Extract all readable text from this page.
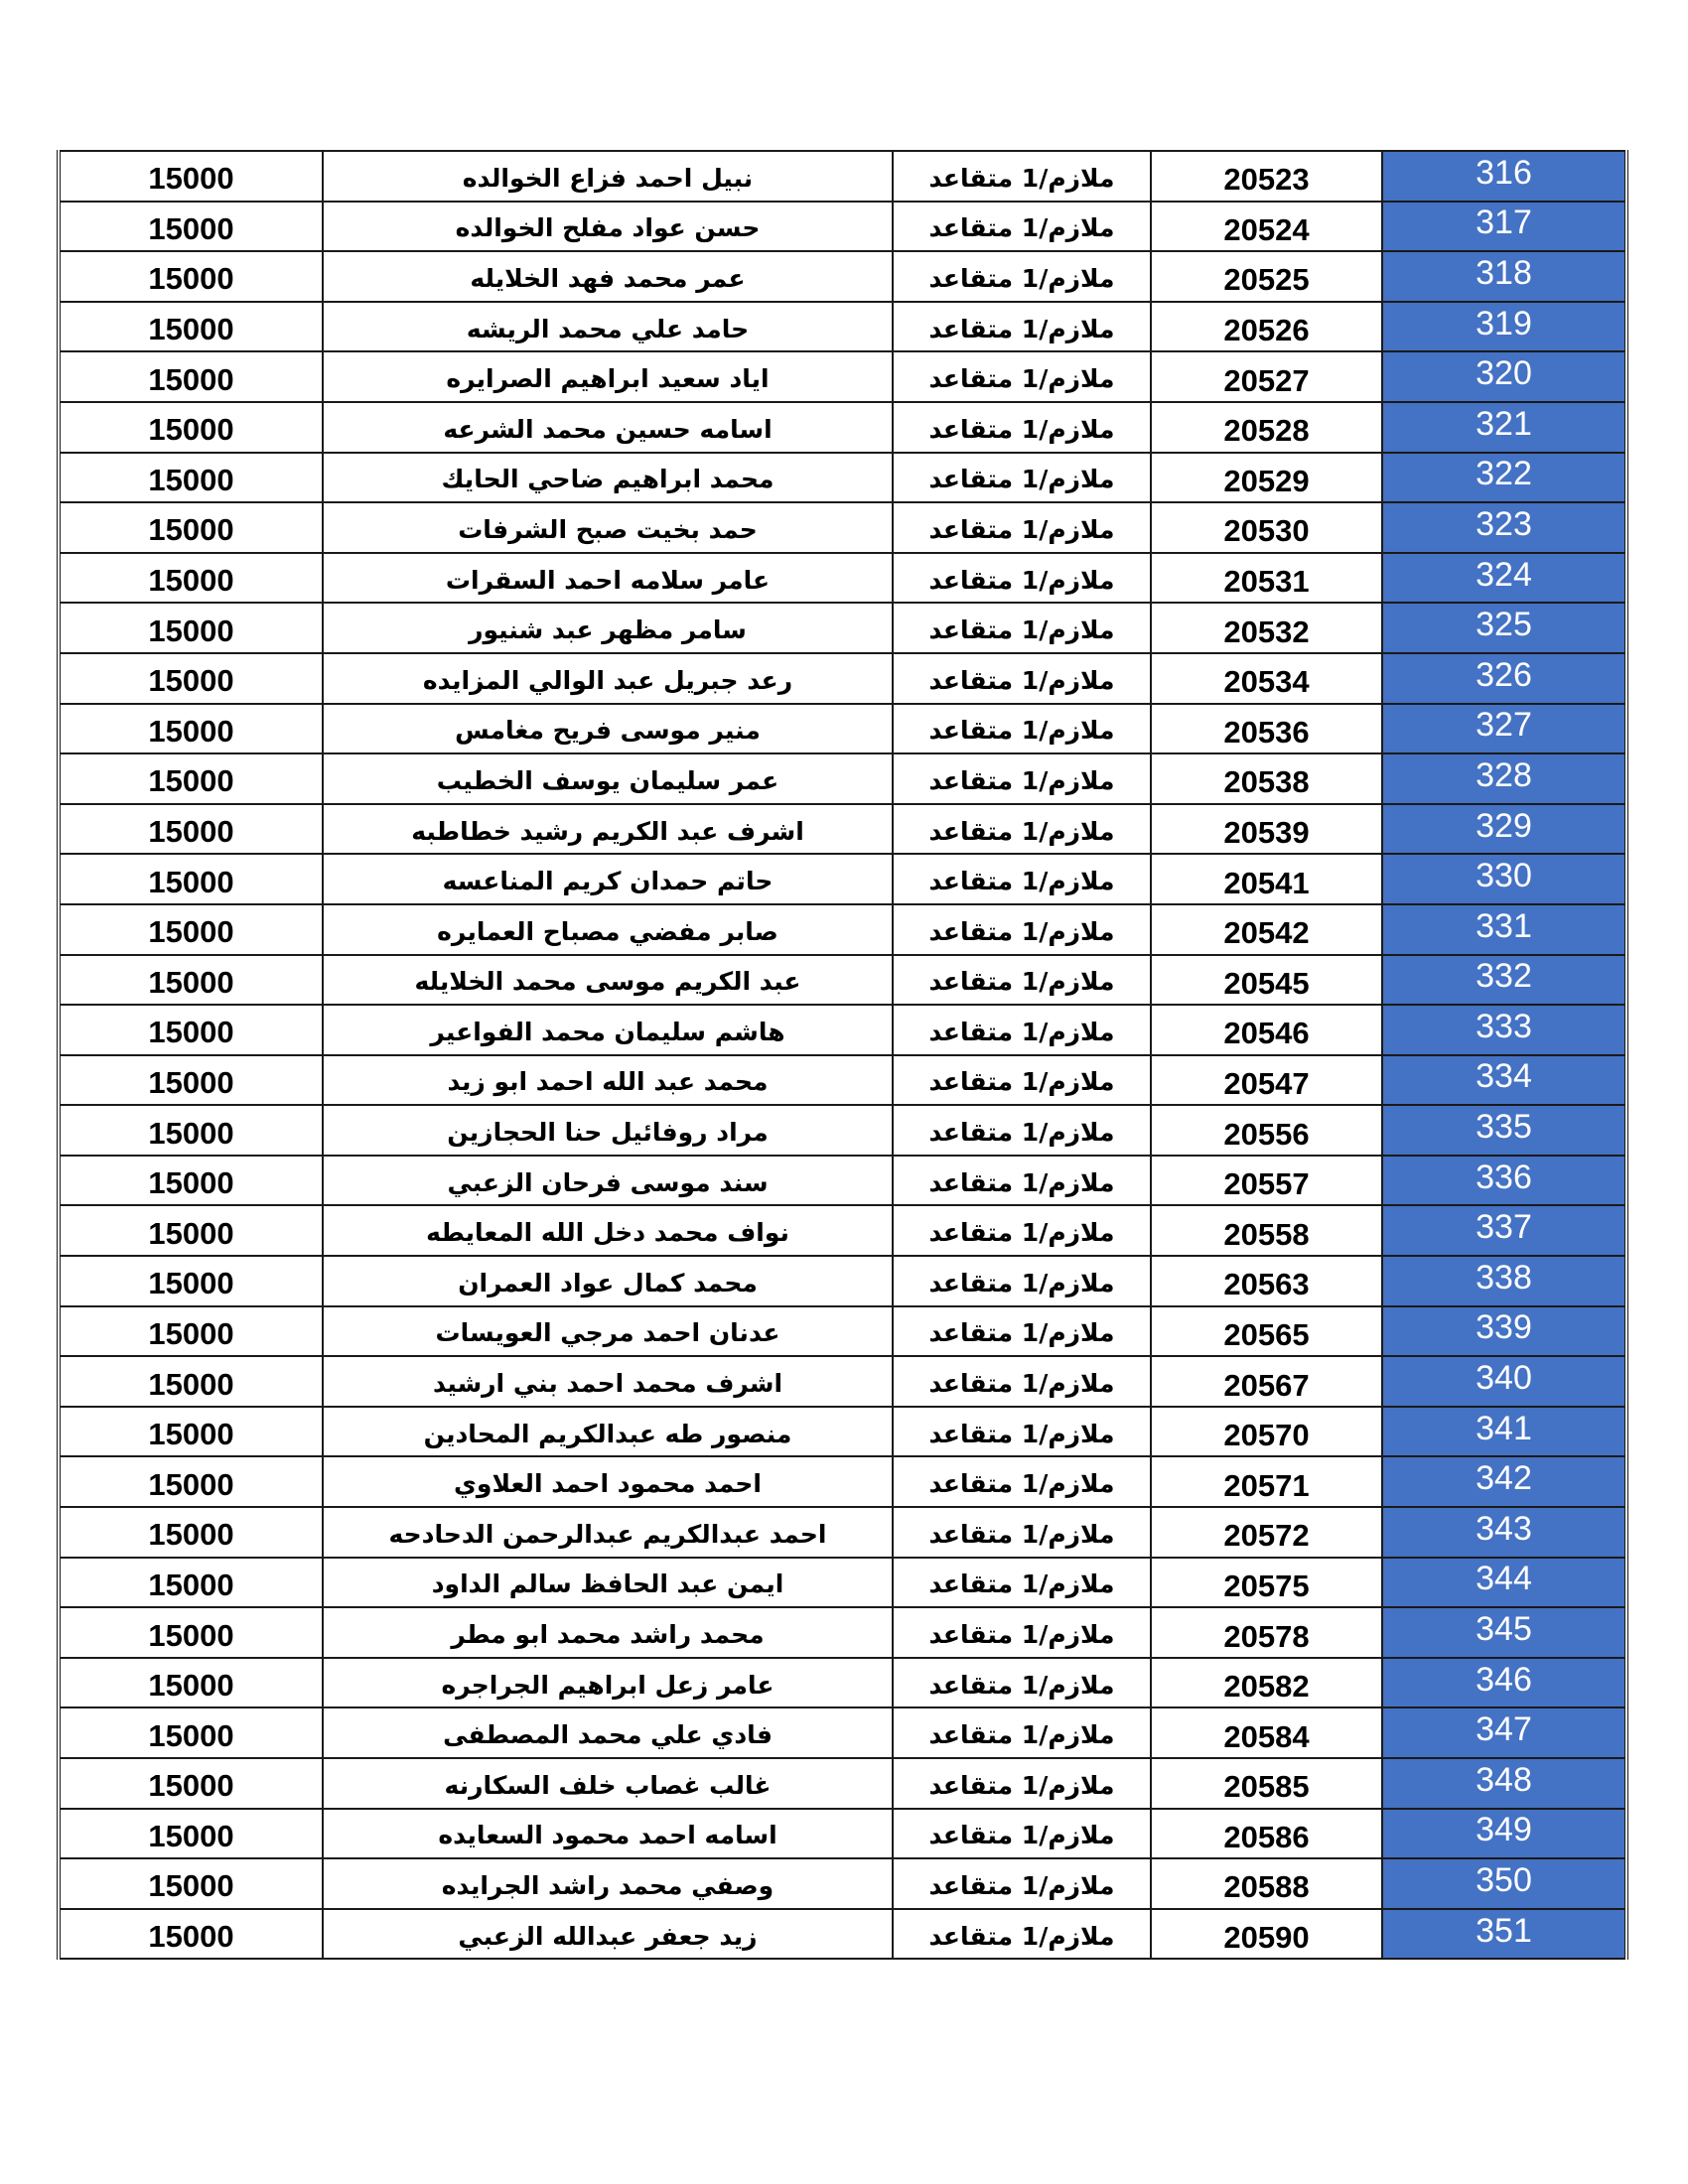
15000	نبيل احمد فزاع الخوالده	ملازم/1 متقاعد	20523	316
15000	حسن عواد مفلح الخوالده	ملازم/1 متقاعد	20524	317
15000	عمر محمد فهد الخلايله	ملازم/1 متقاعد	20525	318
15000	حامد علي محمد الريشه	ملازم/1 متقاعد	20526	319
15000	اياد سعيد ابراهيم الصرايره	ملازم/1 متقاعد	20527	320
15000	اسامه حسين محمد الشرعه	ملازم/1 متقاعد	20528	321
15000	محمد ابراهيم ضاحي الحايك	ملازم/1 متقاعد	20529	322
15000	حمد بخيت صبح الشرفات	ملازم/1 متقاعد	20530	323
15000	عامر سلامه احمد السقرات	ملازم/1 متقاعد	20531	324
15000	سامر مظهر عبد شنيور	ملازم/1 متقاعد	20532	325
15000	رعد جبريل عبد الوالي المزايده	ملازم/1 متقاعد	20534	326
15000	منير موسى فريح مغامس	ملازم/1 متقاعد	20536	327
15000	عمر سليمان يوسف الخطيب	ملازم/1 متقاعد	20538	328
15000	اشرف عبد الكريم رشيد خطاطبه	ملازم/1 متقاعد	20539	329
15000	حاتم حمدان كريم المناعسه	ملازم/1 متقاعد	20541	330
15000	صابر مفضي مصباح العمايره	ملازم/1 متقاعد	20542	331
15000	عبد الكريم موسى محمد الخلايله	ملازم/1 متقاعد	20545	332
15000	هاشم سليمان محمد الفواعير	ملازم/1 متقاعد	20546	333
15000	محمد عبد الله احمد ابو زيد	ملازم/1 متقاعد	20547	334
15000	مراد روفائيل حنا الحجازين	ملازم/1 متقاعد	20556	335
15000	سند موسى فرحان الزعبي	ملازم/1 متقاعد	20557	336
15000	نواف محمد دخل الله المعايطه	ملازم/1 متقاعد	20558	337
15000	محمد كمال عواد العمران	ملازم/1 متقاعد	20563	338
15000	عدنان احمد مرجي العويسات	ملازم/1 متقاعد	20565	339
15000	اشرف محمد احمد بني ارشيد	ملازم/1 متقاعد	20567	340
15000	منصور طه عبدالكريم المحادين	ملازم/1 متقاعد	20570	341
15000	احمد محمود احمد العلاوي	ملازم/1 متقاعد	20571	342
15000	احمد عبدالكريم عبدالرحمن الدحادحه	ملازم/1 متقاعد	20572	343
15000	ايمن عبد الحافظ سالم الداود	ملازم/1 متقاعد	20575	344
15000	محمد راشد محمد ابو مطر	ملازم/1 متقاعد	20578	345
15000	عامر زعل ابراهيم الجراجره	ملازم/1 متقاعد	20582	346
15000	فادي علي محمد المصطفى	ملازم/1 متقاعد	20584	347
15000	غالب غصاب خلف السكارنه	ملازم/1 متقاعد	20585	348
15000	اسامه احمد محمود السعايده	ملازم/1 متقاعد	20586	349
15000	وصفي محمد راشد الجرايده	ملازم/1 متقاعد	20588	350
15000	زيد جعفر عبدالله الزعبي	ملازم/1 متقاعد	20590	351
